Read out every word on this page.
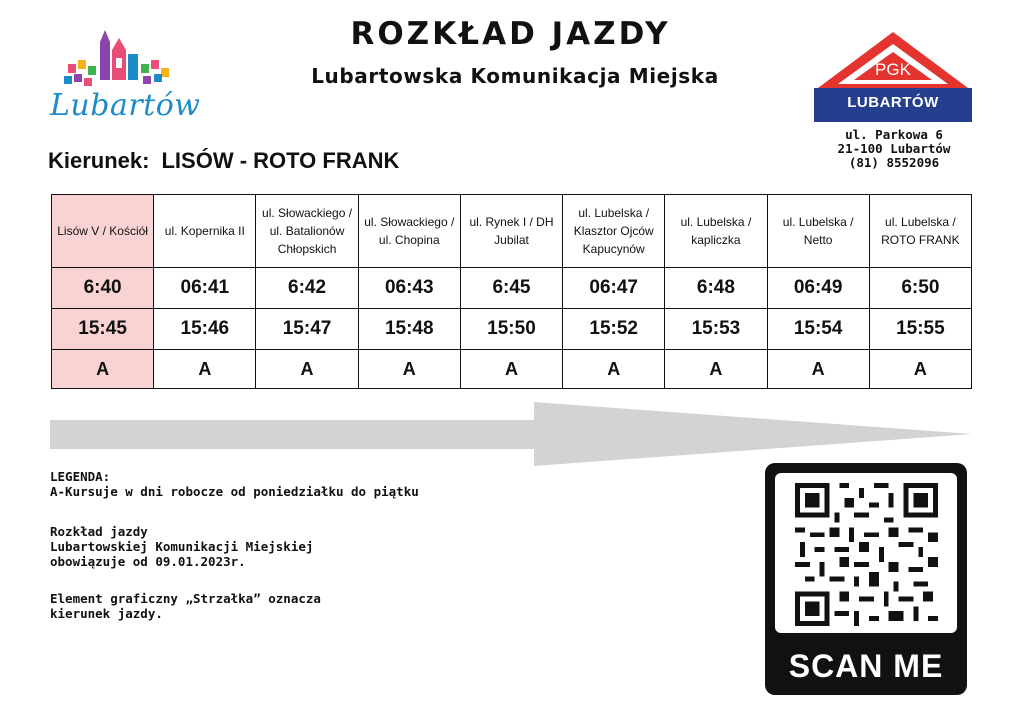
ROZKŁAD JAZDY
Lubartowska Komunikacja Miejska
Kierunek: LISÓW - ROTO FRANK
Lubartów
PGK
LUBARTÓW
ul. Parkowa 6
21-100 Lubartów
(81) 8552096
Lisów V / Kościół	ul. Kopernika II	ul. Słowackiego / ul. Batalionów Chłopskich	ul. Słowackiego / ul. Chopina	ul. Rynek I / DH Jubilat	ul. Lubelska / Klasztor Ojców Kapucynów	ul. Lubelska / kapliczka	ul. Lubelska / Netto	ul. Lubelska / ROTO FRANK
6:40	06:41	6:42	06:43	6:45	06:47	6:48	06:49	6:50
15:45	15:46	15:47	15:48	15:50	15:52	15:53	15:54	15:55
A	A	A	A	A	A	A	A	A
LEGENDA:
A-Kursuje w dni robocze od poniedziałku do piątku
Rozkład jazdy
Lubartowskiej Komunikacji Miejskiej
obowiązuje od 09.01.2023r.
Element graficzny „Strzałka” oznacza
kierunek jazdy.
SCAN ME
